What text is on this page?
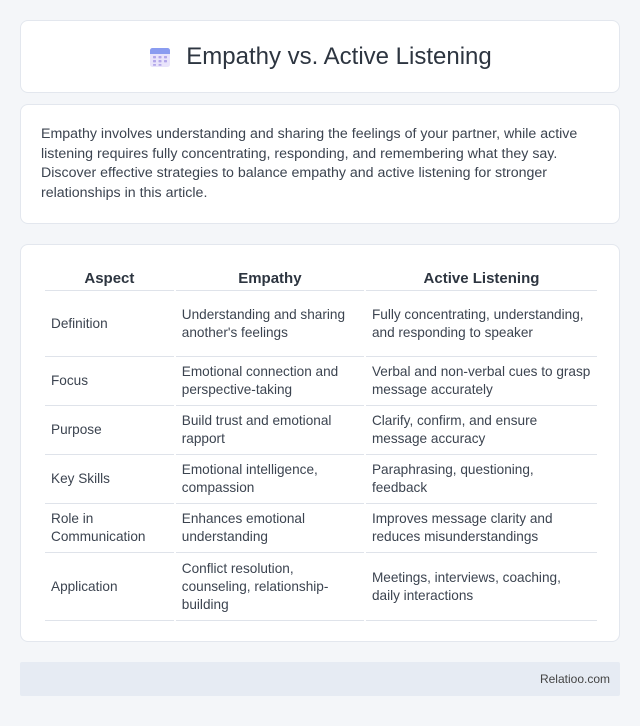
Empathy vs. Active Listening

Empathy involves understanding and sharing the feelings of your partner, while active listening requires fully concentrating, responding, and remembering what they say. Discover effective strategies to balance empathy and active listening for stronger relationships in this article.

Aspect	Empathy	Active Listening
Definition	Understanding and sharing another's feelings	Fully concentrating, understanding, and responding to speaker
Focus	Emotional connection and perspective-taking	Verbal and non-verbal cues to grasp message accurately
Purpose	Build trust and emotional rapport	Clarify, confirm, and ensure message accuracy
Key Skills	Emotional intelligence, compassion	Paraphrasing, questioning, feedback
Role in Communication	Enhances emotional understanding	Improves message clarity and reduces misunderstandings
Application	Conflict resolution, counseling, relationship-building	Meetings, interviews, coaching, daily interactions
Relatioo.com
